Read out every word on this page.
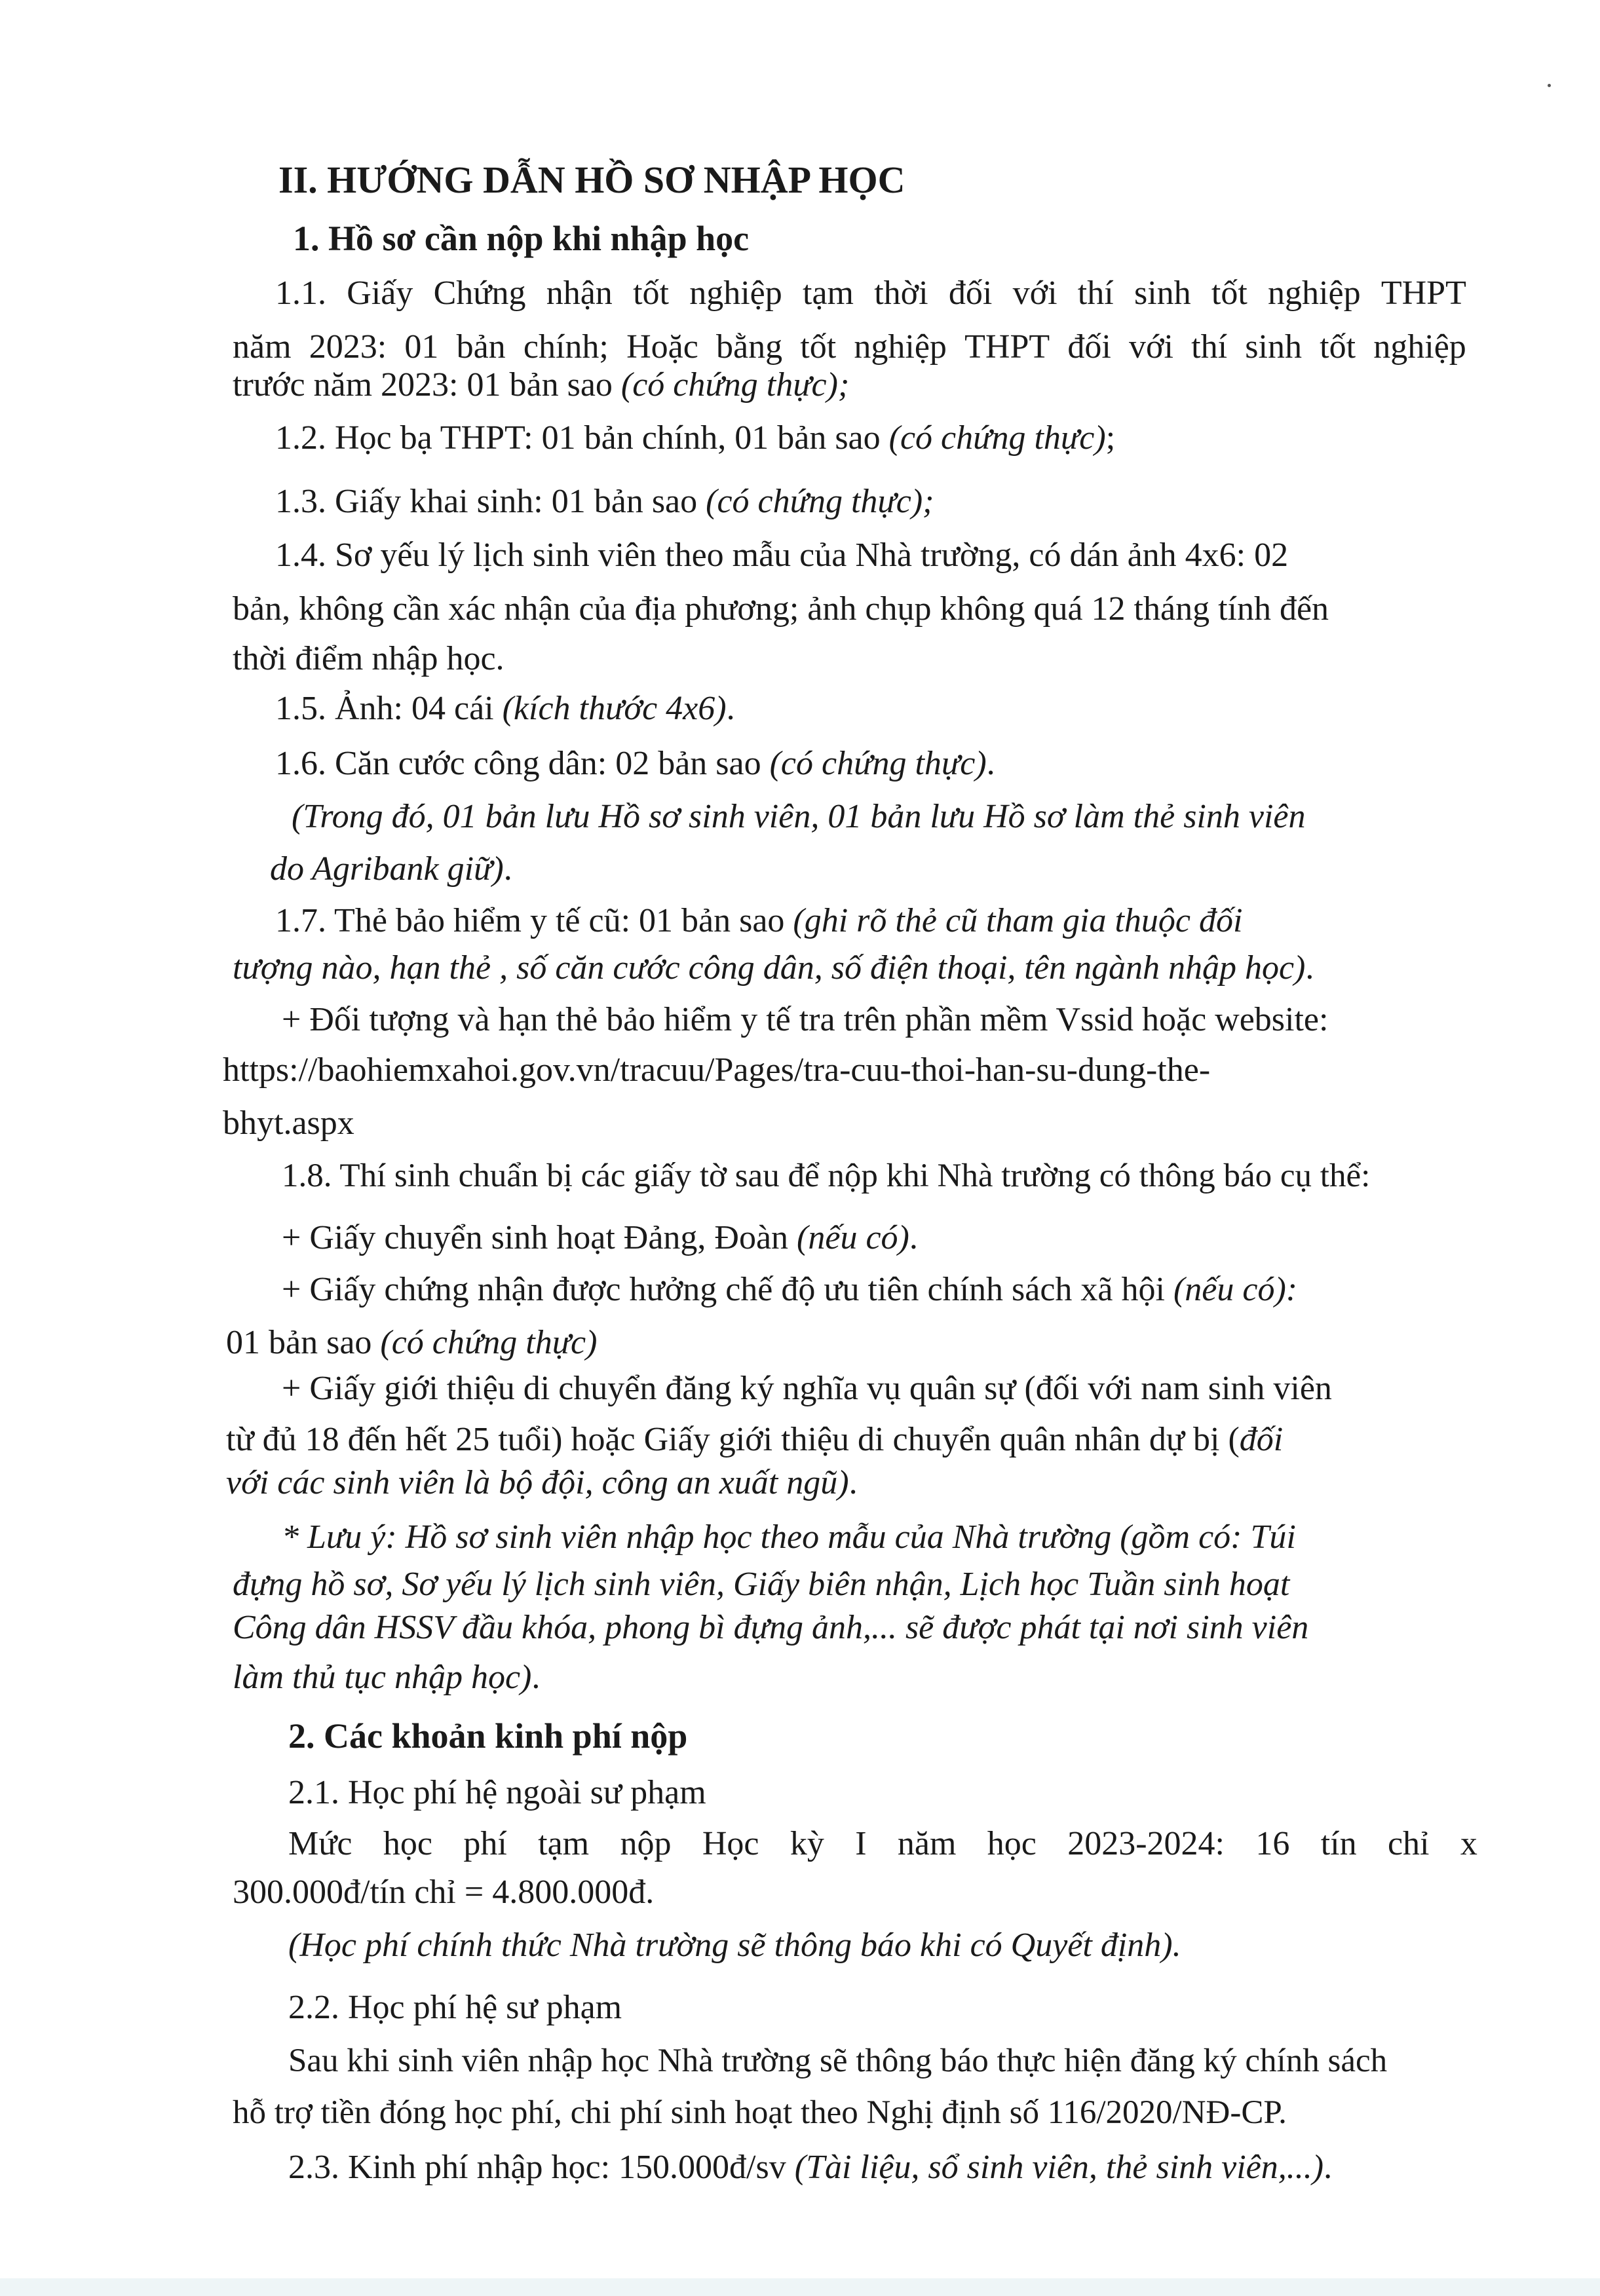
II. HƯỚNG DẪN HỒ SƠ NHẬP HỌC
1. Hồ sơ cần nộp khi nhập học
1.1. Giấy Chứng nhận tốt nghiệp tạm thời đối với thí sinh tốt nghiệp THPT
năm 2023: 01 bản chính; Hoặc bằng tốt nghiệp THPT đối với thí sinh tốt nghiệp
trước năm 2023: 01 bản sao (có chứng thực);
1.2. Học bạ THPT: 01 bản chính, 01 bản sao (có chứng thực);
1.3. Giấy khai sinh: 01 bản sao (có chứng thực);
1.4. Sơ yếu lý lịch sinh viên theo mẫu của Nhà trường, có dán ảnh 4x6: 02
bản, không cần xác nhận của địa phương; ảnh chụp không quá 12 tháng tính đến
thời điểm nhập học.
1.5. Ảnh: 04 cái (kích thước 4x6).
1.6. Căn cước công dân: 02 bản sao (có chứng thực).
(Trong đó, 01 bản lưu Hồ sơ sinh viên, 01 bản lưu Hồ sơ làm thẻ sinh viên
do Agribank giữ).
1.7. Thẻ bảo hiểm y tế cũ: 01 bản sao (ghi rõ thẻ cũ tham gia thuộc đối
tượng nào, hạn thẻ , số căn cước công dân, số điện thoại, tên ngành nhập học).
+ Đối tượng và hạn thẻ bảo hiểm y tế tra trên phần mềm Vssid hoặc website:
https://baohiemxahoi.gov.vn/tracuu/Pages/tra-cuu-thoi-han-su-dung-the-
bhyt.aspx
1.8. Thí sinh chuẩn bị các giấy tờ sau để nộp khi Nhà trường có thông báo cụ thể:
+ Giấy chuyển sinh hoạt Đảng, Đoàn (nếu có).
+ Giấy chứng nhận được hưởng chế độ ưu tiên chính sách xã hội (nếu có):
01 bản sao (có chứng thực)
+ Giấy giới thiệu di chuyển đăng ký nghĩa vụ quân sự (đối với nam sinh viên
từ đủ 18 đến hết 25 tuổi) hoặc Giấy giới thiệu di chuyển quân nhân dự bị (đối
với các sinh viên là bộ đội, công an xuất ngũ).
* Lưu ý: Hồ sơ sinh viên nhập học theo mẫu của Nhà trường (gồm có: Túi
đựng hồ sơ, Sơ yếu lý lịch sinh viên, Giấy biên nhận, Lịch học Tuần sinh hoạt
Công dân HSSV đầu khóa, phong bì đựng ảnh,... sẽ được phát tại nơi sinh viên
làm thủ tục nhập học).
2. Các khoản kinh phí nộp
2.1. Học phí hệ ngoài sư phạm
Mức học phí tạm nộp Học kỳ I năm học 2023-2024: 16 tín chỉ x
300.000đ/tín chỉ = 4.800.000đ.
(Học phí chính thức Nhà trường sẽ thông báo khi có Quyết định).
2.2. Học phí hệ sư phạm
Sau khi sinh viên nhập học Nhà trường sẽ thông báo thực hiện đăng ký chính sách
hỗ trợ tiền đóng học phí, chi phí sinh hoạt theo Nghị định số 116/2020/NĐ-CP.
2.3. Kinh phí nhập học: 150.000đ/sv (Tài liệu, sổ sinh viên, thẻ sinh viên,...).
